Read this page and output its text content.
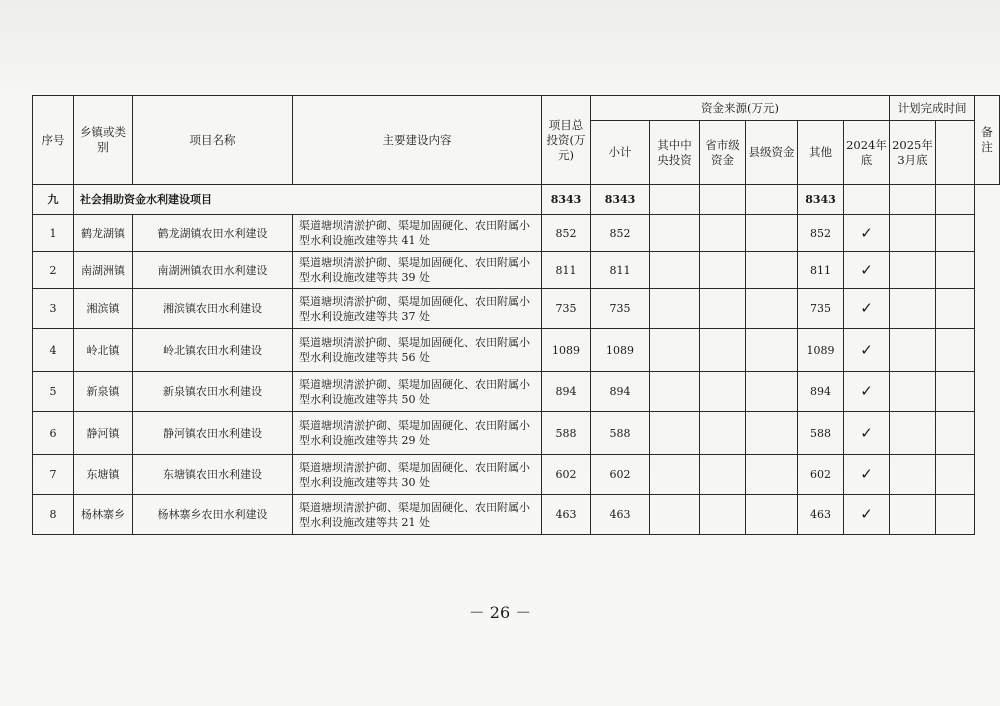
序号	乡镇或类别	项目名称	主要建设内容	项目总投资(万元)	资金来源(万元)						计划完成时间		备注
					小计	其中中央投资	省市级资金	县级资金	其他	2024年底	2025年3月底		
九	社会捐助资金水利建设项目			8343	8343				8343				
1	鹤龙湖镇	鹤龙湖镇农田水利建设	渠道塘坝清淤护砌、渠堤加固硬化、农田附属小型水利设施改建等共 41 处	852	852				852	✓			
2	南湖洲镇	南湖洲镇农田水利建设	渠道塘坝清淤护砌、渠堤加固硬化、农田附属小型水利设施改建等共 39 处	811	811				811	✓			
3	湘滨镇	湘滨镇农田水利建设	渠道塘坝清淤护砌、渠堤加固硬化、农田附属小型水利设施改建等共 37 处	735	735				735	✓			
4	岭北镇	岭北镇农田水利建设	渠道塘坝清淤护砌、渠堤加固硬化、农田附属小型水利设施改建等共 56 处	1089	1089				1089	✓			
5	新泉镇	新泉镇农田水利建设	渠道塘坝清淤护砌、渠堤加固硬化、农田附属小型水利设施改建等共 50 处	894	894				894	✓			
6	静河镇	静河镇农田水利建设	渠道塘坝清淤护砌、渠堤加固硬化、农田附属小型水利设施改建等共 29 处	588	588				588	✓			
7	东塘镇	东塘镇农田水利建设	渠道塘坝清淤护砌、渠堤加固硬化、农田附属小型水利设施改建等共 30 处	602	602				602	✓			
8	杨林寨乡	杨林寨乡农田水利建设	渠道塘坝清淤护砌、渠堤加固硬化、农田附属小型水利设施改建等共 21 处	463	463				463	✓			
－ 26 －
